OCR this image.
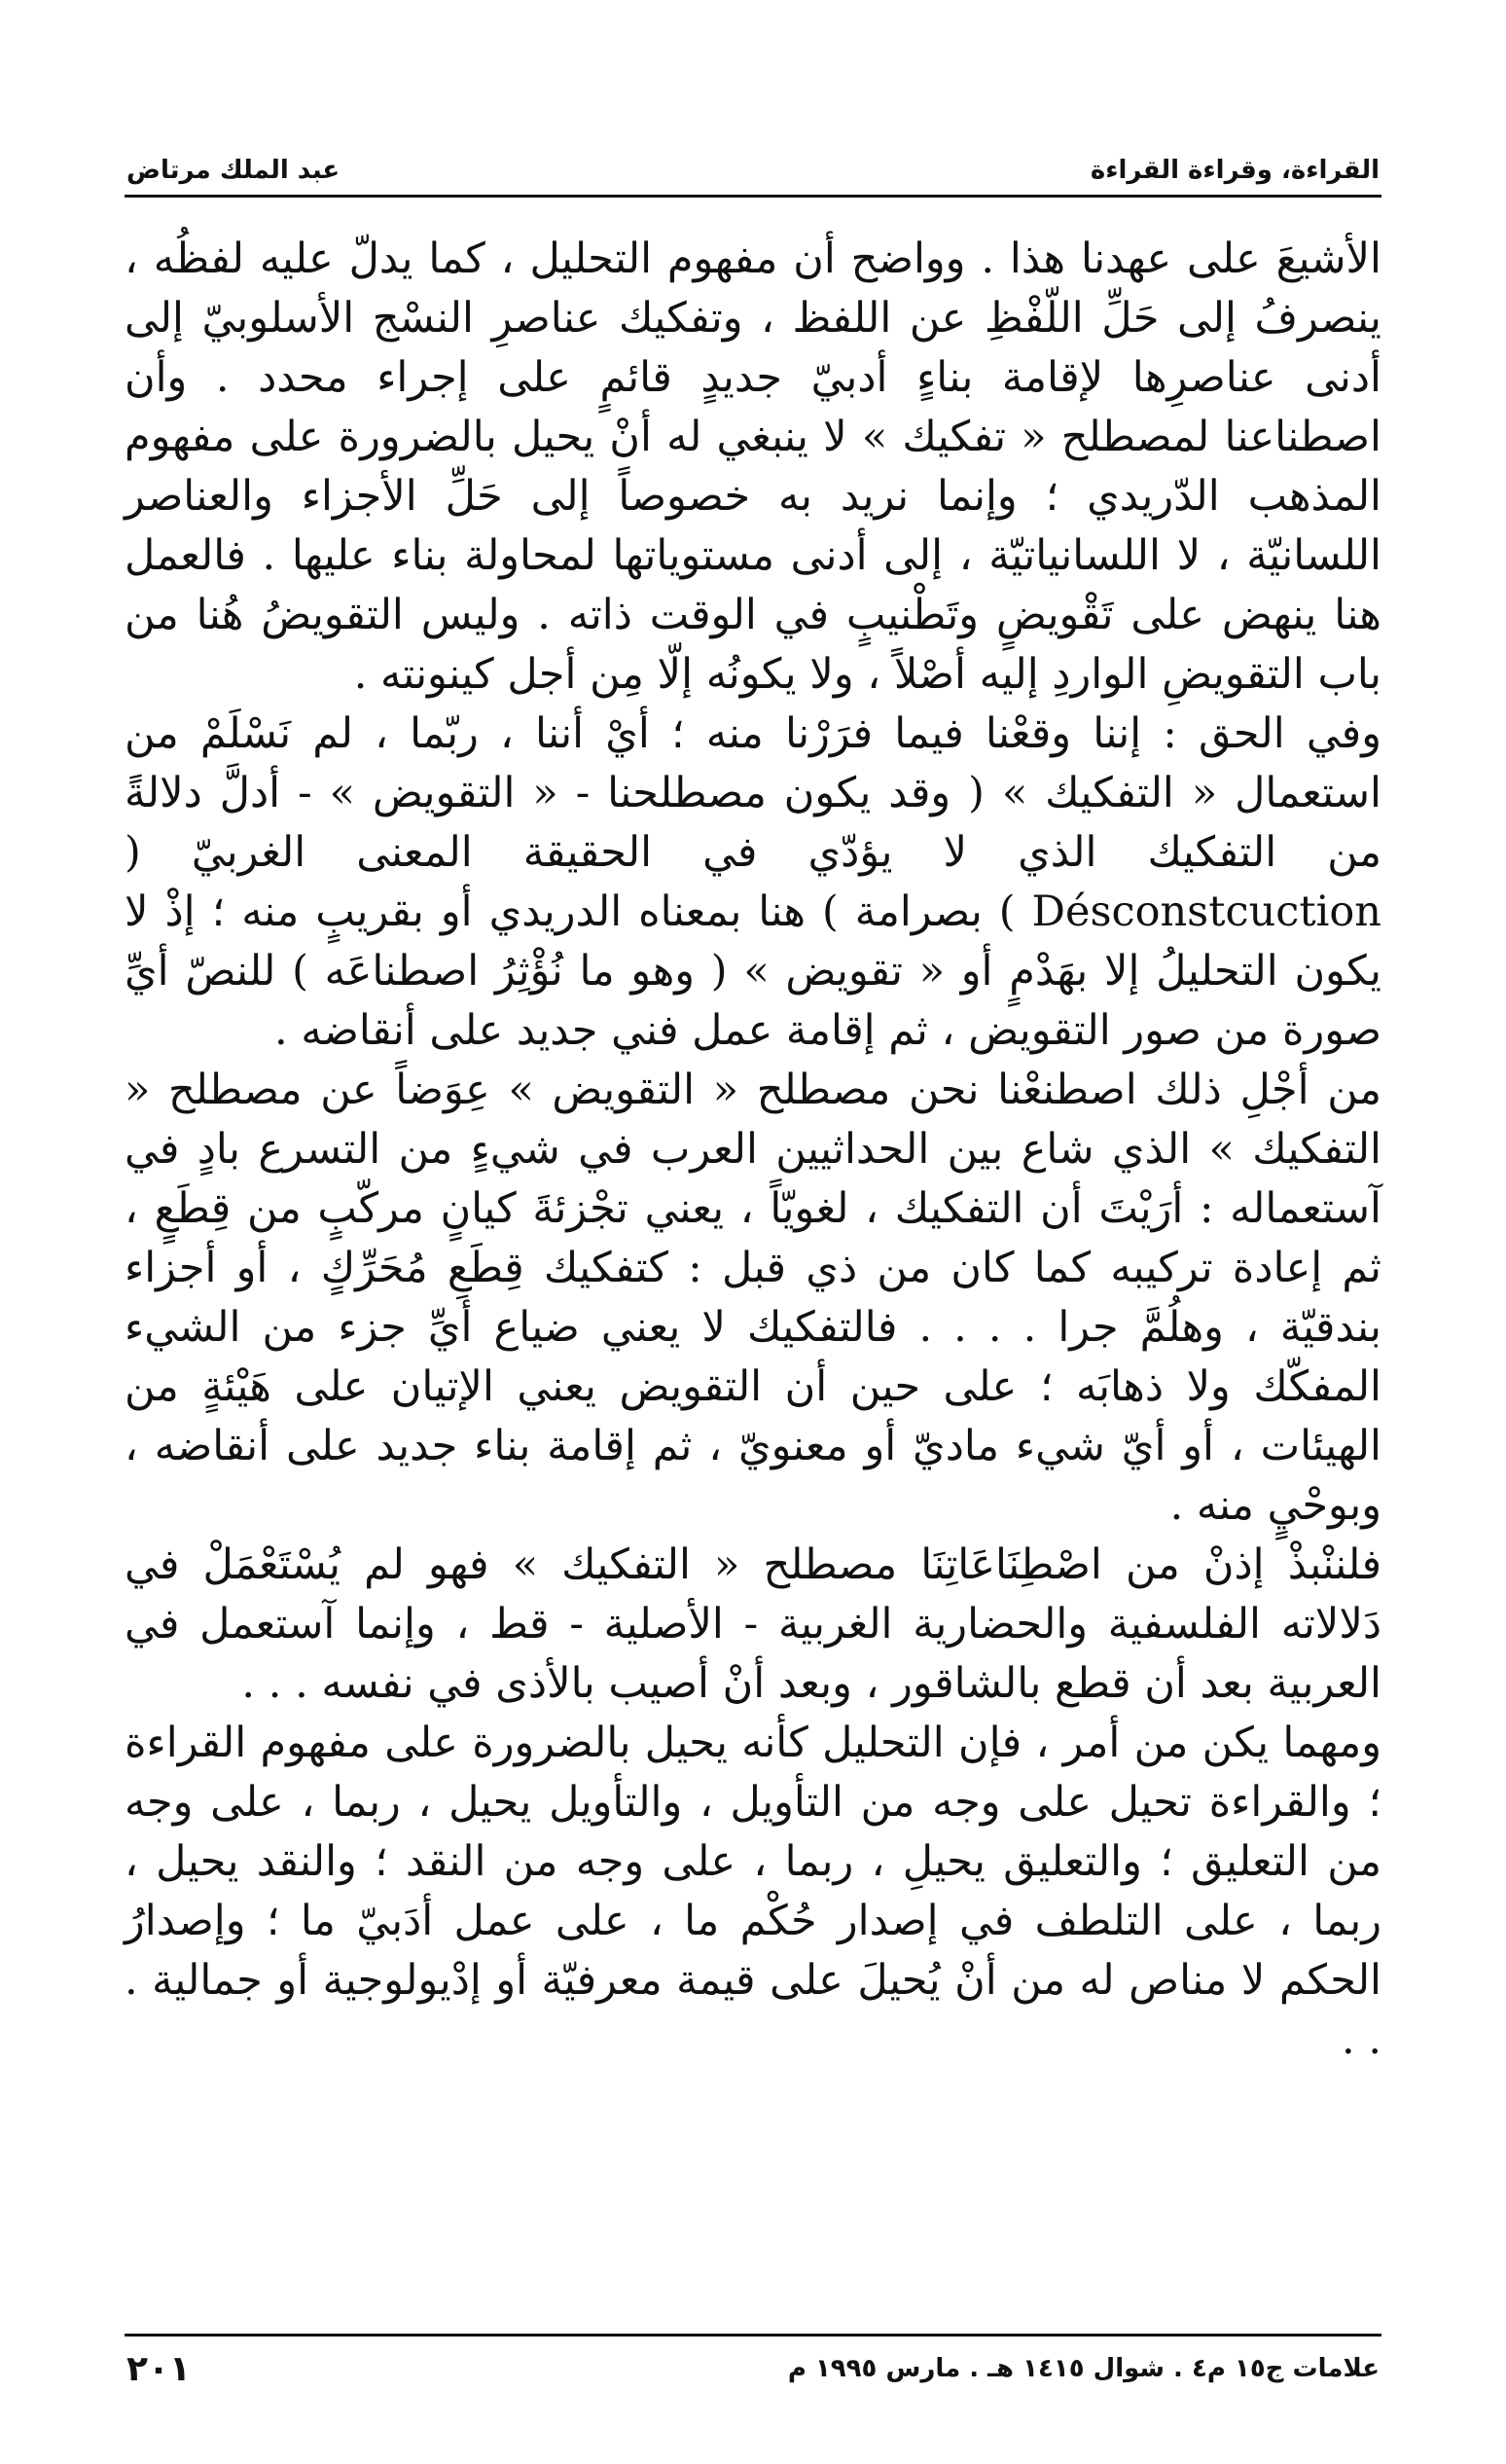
القراءة، وقراءة القراءة
عبد الملك مرتاض

الأشيعَ على عهدنا هذا . وواضح أن مفهوم التحليل ، كما يدلّ عليه لفظُه ، ينصرفُ إلى حَلِّ اللّفْظِ عن اللفظ ، وتفكيك عناصرِ النسْج الأسلوبيّ إلى أدنى عناصرِها لإقامة بناءٍ أدبيّ جديدٍ قائمٍ على إجراء محدد . وأن اصطناعنا لمصطلح « تفكيك » لا ينبغي له أنْ يحيل بالضرورة على مفهوم المذهب الدّريدي ؛ وإنما نريد به خصوصاً إلى حَلِّ الأجزاء والعناصر اللسانيّة ، لا اللسانياتيّة ، إلى أدنى مستوياتها لمحاولة بناء عليها . فالعمل هنا ينهض على تَقْويضٍ وتَطْنيبٍ في الوقت ذاته . وليس التقويضُ هُنا من باب التقويضِ الواردِ إليه أصْلاً ، ولا يكونُه إلّا مِن أجل كينونته .

وفي الحق : إننا وقعْنا فيما فرَرْنا منه ؛ أيْ أننا ، ربّما ، لم نَسْلَمْ من استعمال « التفكيك » ( وقد يكون مصطلحنا - « التقويض » - أدلَّ دلالةً من التفكيك الذي لا يؤدّي في الحقيقة المعنى الغربيّ ( Désconstcuction ) بصرامة ) هنا بمعناه الدريدي أو بقريبٍ منه ؛ إذْ لا يكون التحليلُ إلا بهَدْمٍ أو « تقويض » ( وهو ما نُؤْثِرُ اصطناعَه ) للنصّ أيِّ صورة من صور التقويض ، ثم إقامة عمل فني جديد على أنقاضه .

من أجْلِ ذلك اصطنعْنا نحن مصطلح « التقويض » عِوَضاً عن مصطلح « التفكيك » الذي شاع بين الحداثيين العرب في شيءٍ من التسرع بادٍ في آستعماله : أرَيْتَ أن التفكيك ، لغويّاً ، يعني تجْزئةَ كيانٍ مركّبٍ من قِطَعٍ ، ثم إعادة تركيبه كما كان من ذي قبل : كتفكيك قِطَعِ مُحَرِّكٍ ، أو أجزاء بندقيّة ، وهلُمَّ جرا . . . . فالتفكيك لا يعني ضياع أيِّ جزء من الشيء المفكّك ولا ذهابَه ؛ على حين أن التقويض يعني الإتيان على هَيْئةٍ من الهيئات ، أو أيّ شيء ماديّ أو معنويّ ، ثم إقامة بناء جديد على أنقاضه ، وبوحْيٍ منه .

فلننْبذْ إذنْ من اصْطِنَاعَاتِنَا مصطلح « التفكيك » فهو لم يُسْتَعْمَلْ في دَلالاته الفلسفية والحضارية الغربية - الأصلية - قط ، وإنما آستعمل في العربية بعد أن قطع بالشاقور ، وبعد أنْ أصيب بالأذى في نفسه . . .

ومهما يكن من أمر ، فإن التحليل كأنه يحيل بالضرورة على مفهوم القراءة ؛ والقراءة تحيل على وجه من التأويل ، والتأويل يحيل ، ربما ، على وجه من التعليق ؛ والتعليق يحيلِ ، ربما ، على وجه من النقد ؛ والنقد يحيل ، ربما ، على التلطف في إصدار حُكْم ما ، على عمل أدَبيّ ما ؛ وإصدارُ الحكم لا مناص له من أنْ يُحيلَ على قيمة معرفيّة أو إدْيولوجية أو جمالية . . .

علامات ج١٥ م٤ . شوال ١٤١٥ هـ . مارس ١٩٩٥ م
٢٠١
